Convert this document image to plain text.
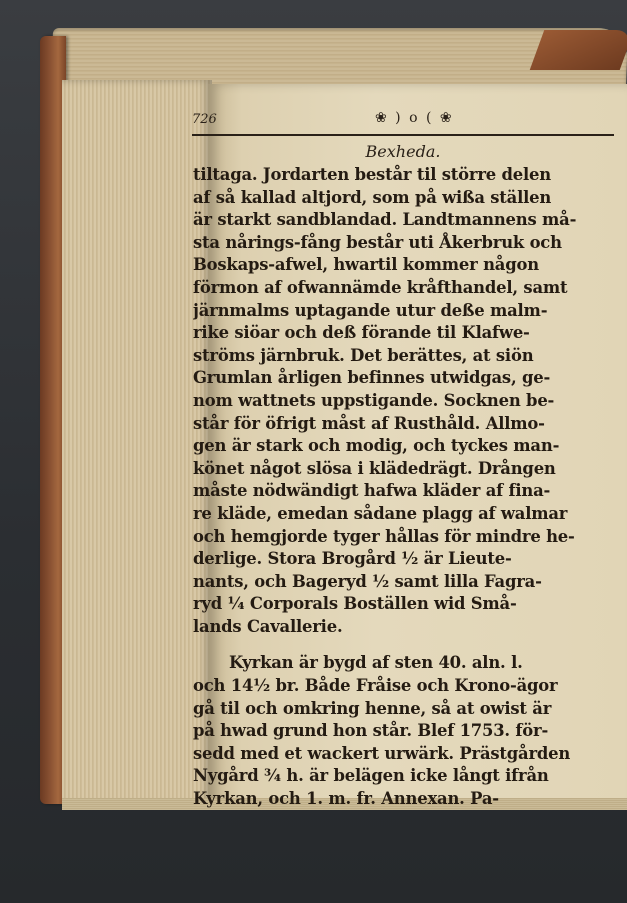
726	❀ ) o ( ❀
Bexheda.
tiltaga. Jordarten består til större delen
af så kallad altjord, som på wißa ställen
är starkt sandblandad. Landtmannens må-
sta nårings-fång består uti Åkerbruk och
Boskaps-afwel, hwartil kommer någon
förmon af ofwannämde kråfthandel, samt
järnmalms uptagande utur deße malm-
rike siöar och deß förande til Klafwe-
ströms järnbruk. Det berättes, at siön
Grumlan årligen befinnes utwidgas, ge-
nom wattnets uppstigande. Socknen be-
står för öfrigt måst af Rusthåld. Allmo-
gen är stark och modig, och tyckes man-
könet något slösa i klädedrägt. Drången
måste nödwändigt hafwa kläder af fina-
re kläde, emedan sådane plagg af walmar
och hemgjorde tyger hållas för mindre he-
derlige. Stora Brogård ½ är Lieute-
nants, och Bageryd ½ samt lilla Fagra-
ryd ¼ Corporals Boställen wid Små-
lands Cavallerie.
Kyrkan är bygd af sten 40. aln. l.
och 14½ br. Både Fråise och Krono-ägor
gå til och omkring henne, så at owist är
på hwad grund hon står. Blef 1753. för-
sedd med et wackert urwärk. Prästgården
Nygård ¾ h. är belägen icke långt ifrån
Kyrkan, och 1. m. fr. Annexan. Pa-
